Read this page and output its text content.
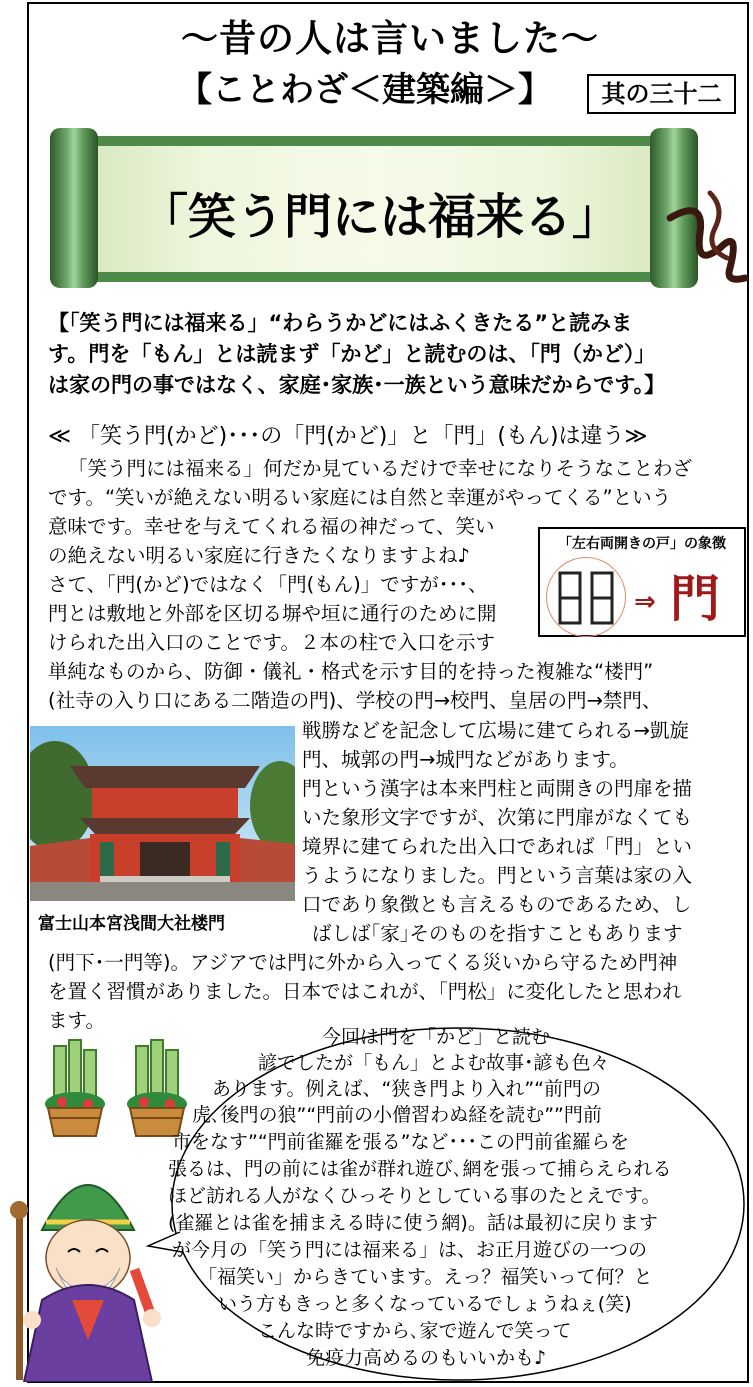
～昔の人は言いました～
【ことわざ＜建築編＞】	其の三十二
「笑う門には福来る」
【「笑う門には福来る」“わらうかどにはふくきたる”と読みま
す。門を「もん」とは読まず「かど」と読むのは、「門（かど）」
は家の門の事ではなく、家庭･家族･一族という意味だからです。】
≪ 「笑う門(かど)･･･の「門(かど)」と「門」(もん)は違う≫
「笑う門には福来る」何だか見ているだけで幸せになりそうなことわざ
です。“笑いが絶えない明るい家庭には自然と幸運がやってくる”という
意味です。幸せを与えてくれる福の神だって、笑い
の絶えない明るい家庭に行きたくなりますよね♪
さて、「門(かど)ではなく「門(もん)」ですが･･･、
門とは敷地と外部を区切る塀や垣に通行のために開
けられた出入口のことです。２本の柱で入口を示す
単純なものから、防御・儀礼・格式を示す目的を持った複雑な“楼門”
(社寺の入り口にある二階造の門)、学校の門→校門、皇居の門→禁門、
戦勝などを記念して広場に建てられる→凱旋
門、城郭の門→城門などがあります。
門という漢字は本来門柱と両開きの門扉を描
いた象形文字ですが、次第に門扉がなくても
境界に建てられた出入口であれば「門」とい
うようになりました。門という言葉は家の入
口であり象徴とも言えるものであるため、し
ばしば｢家｣そのものを指すこともあります
(門下･一門等)。アジアでは門に外から入ってくる災いから守るため門神
を置く習慣がありました。日本ではこれが、「門松」に変化したと思われ
ます。
「左右両開きの戸」の象徴
⇒ 門
富士山本宮浅間大社楼門
今回は門を「かど」と読む
諺でしたが「もん」とよむ故事･諺も色々
あります。例えば、“狭き門より入れ”“前門の
虎､後門の狼”“門前の小僧習わぬ経を読む””門前
市をなす”“門前雀羅を張る”など･･･この門前雀羅らを
張るは、門の前には雀が群れ遊び､網を張って捕らえられる
ほど訪れる人がなくひっそりとしている事のたとえです。
(雀羅とは雀を捕まえる時に使う網)。話は最初に戻ります
が今月の「笑う門には福来る」は、お正月遊びの一つの
「福笑い」からきています。えっ？福笑いって何？と
いう方もきっと多くなっているでしょうねぇ(笑)
こんな時ですから､家で遊んで笑って
免疫力高めるのもいいかも♪
